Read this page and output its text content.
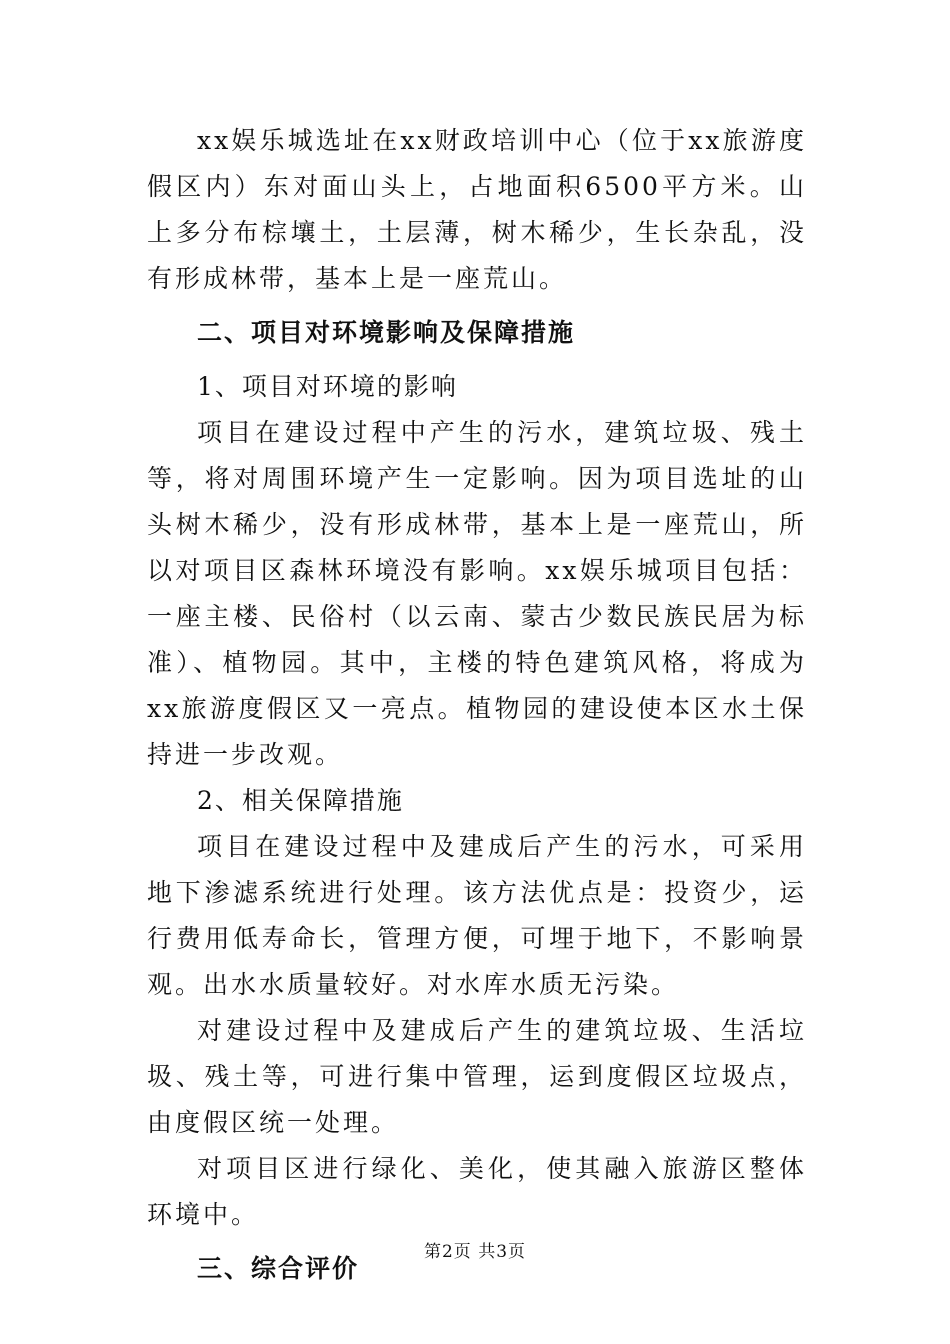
xx娱乐城选址在xx财政培训中心（位于xx旅游度假区内）东对面山头上，占地面积6500平方米。山上多分布棕壤土，土层薄，树木稀少，生长杂乱，没有形成林带，基本上是一座荒山。

二、项目对环境影响及保障措施

1、项目对环境的影响

项目在建设过程中产生的污水，建筑垃圾、残土等，将对周围环境产生一定影响。因为项目选址的山头树木稀少，没有形成林带，基本上是一座荒山，所以对项目区森林环境没有影响。xx娱乐城项目包括：一座主楼、民俗村（以云南、蒙古少数民族民居为标准）、植物园。其中，主楼的特色建筑风格，将成为xx旅游度假区又一亮点。植物园的建设使本区水土保持进一步改观。

2、相关保障措施

项目在建设过程中及建成后产生的污水，可采用地下渗滤系统进行处理。该方法优点是：投资少，运行费用低寿命长，管理方便，可埋于地下，不影响景观。出水水质量较好。对水库水质无污染。

对建设过程中及建成后产生的建筑垃圾、生活垃圾、残土等，可进行集中管理，运到度假区垃圾点，由度假区统一处理。

对项目区进行绿化、美化，使其融入旅游区整体环境中。

三、综合评价

第2页 共3页
